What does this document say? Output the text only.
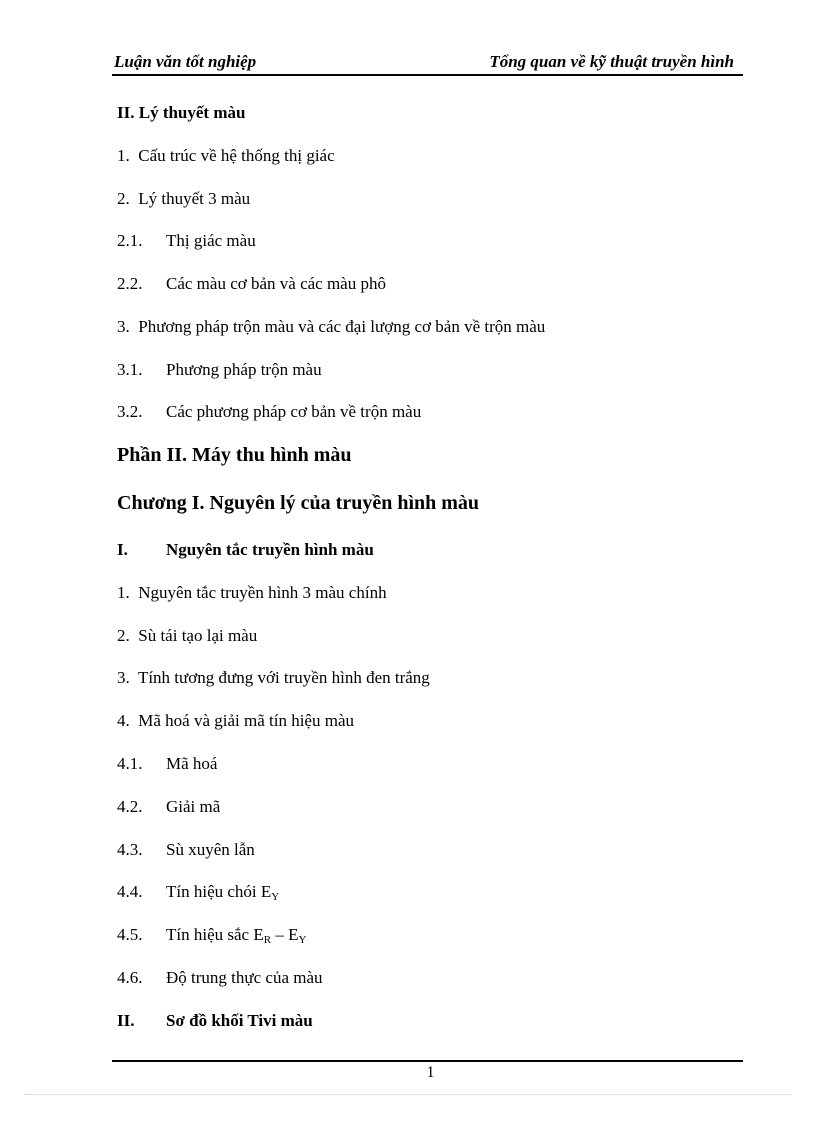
Luận văn tốt nghiệp	Tổng quan về kỹ thuật truyền hình
II. Lý thuyết màu
1. Cấu trúc về hệ thống thị giác
2. Lý thuyết 3 màu
2.1. Thị giác màu
2.2. Các màu cơ bản và các màu phô
3. Phương pháp trộn màu và các đại lượng cơ bản về trộn màu
3.1. Phương pháp trộn màu
3.2. Các phương pháp cơ bản về trộn màu
Phần II. Máy thu hình màu
Chương I. Nguyên lý của truyền hình màu
I. Nguyên tắc truyền hình màu
1. Nguyên tắc truyền hình 3 màu chính
2. Sù tái tạo lại màu
3. Tính tương đưng với truyền hình đen trắng
4. Mã hoá và giải mã tín hiệu màu
4.1. Mã hoá
4.2. Giải mã
4.3. Sù xuyên lẫn
4.4. Tín hiệu chói $E_Y$
4.5. Tín hiệu sắc $E_R - E_Y$
4.6. Độ trung thực của màu
II. Sơ đồ khối Tivi màu
1
